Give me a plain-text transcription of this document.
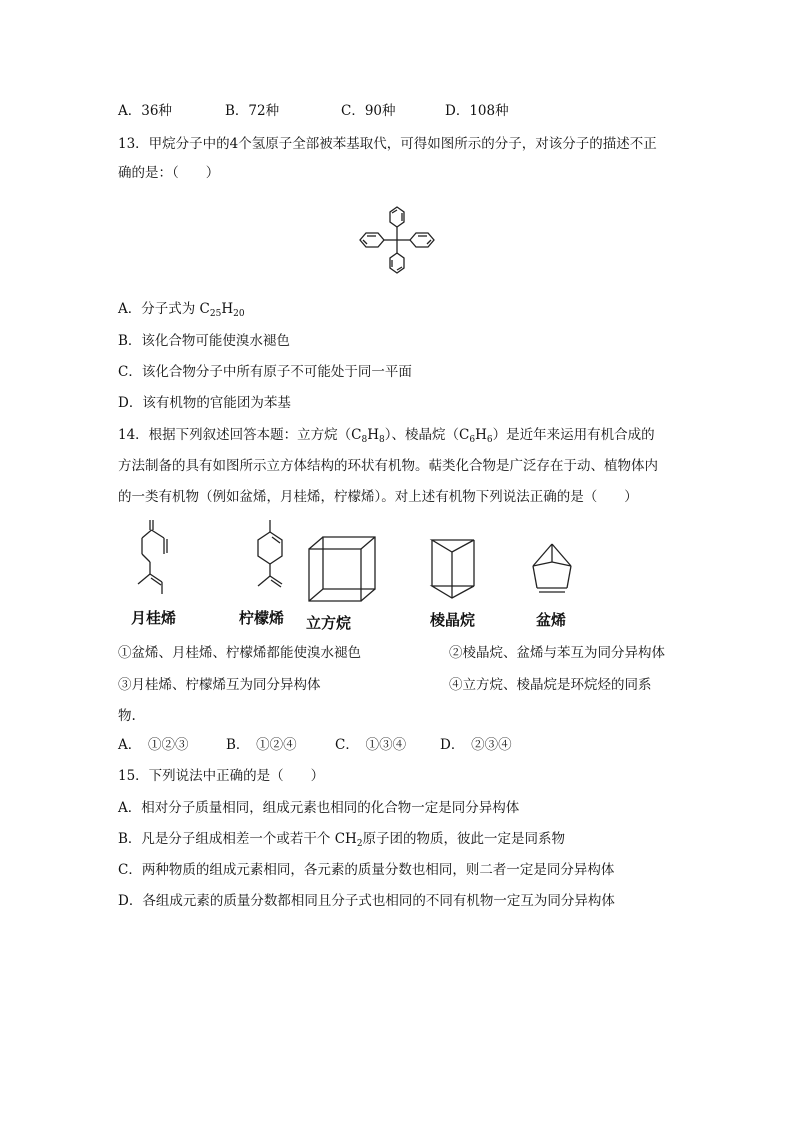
A．36种	B．72种	C．90种	D．108种
13．甲烷分子中的4个氢原子全部被苯基取代，可得如图所示的分子，对该分子的描述不正
确的是：（　　）
A．分子式为 $C_{25}H_{20}$
B．该化合物可能使溴水褪色
C．该化合物分子中所有原子不可能处于同一平面
D．该有机物的官能团为苯基
14．根据下列叙述回答本题：立方烷$(C_8H_8)$、棱晶烷$(C_6H_6)$是近年来运用有机合成的
方法制备的具有如图所示立方体结构的环状有机物。萜类化合物是广泛存在于动、植物体内
的一类有机物（例如盆烯，月桂烯，柠檬烯）。对上述有机物下列说法正确的是（　　）
月桂烯	柠檬烯 立方烷	棱晶烷	盆烯
①盆烯、月桂烯、柠檬烯都能使溴水褪色	②棱晶烷、盆烯与苯互为同分异构体
③月桂烯、柠檬烯互为同分异构体	④立方烷、棱晶烷是环烷烃的同系
物.
A．　①②③	B．　①②④	C．　①③④	D．　②③④
15．下列说法中正确的是（　　）
A．相对分子质量相同，组成元素也相同的化合物一定是同分异构体
B．凡是分子组成相差一个或若干个 $CH_2$原子团的物质，彼此一定是同系物
C．两种物质的组成元素相同，各元素的质量分数也相同，则二者一定是同分异构体
D．各组成元素的质量分数都相同且分子式也相同的不同有机物一定互为同分异构体
